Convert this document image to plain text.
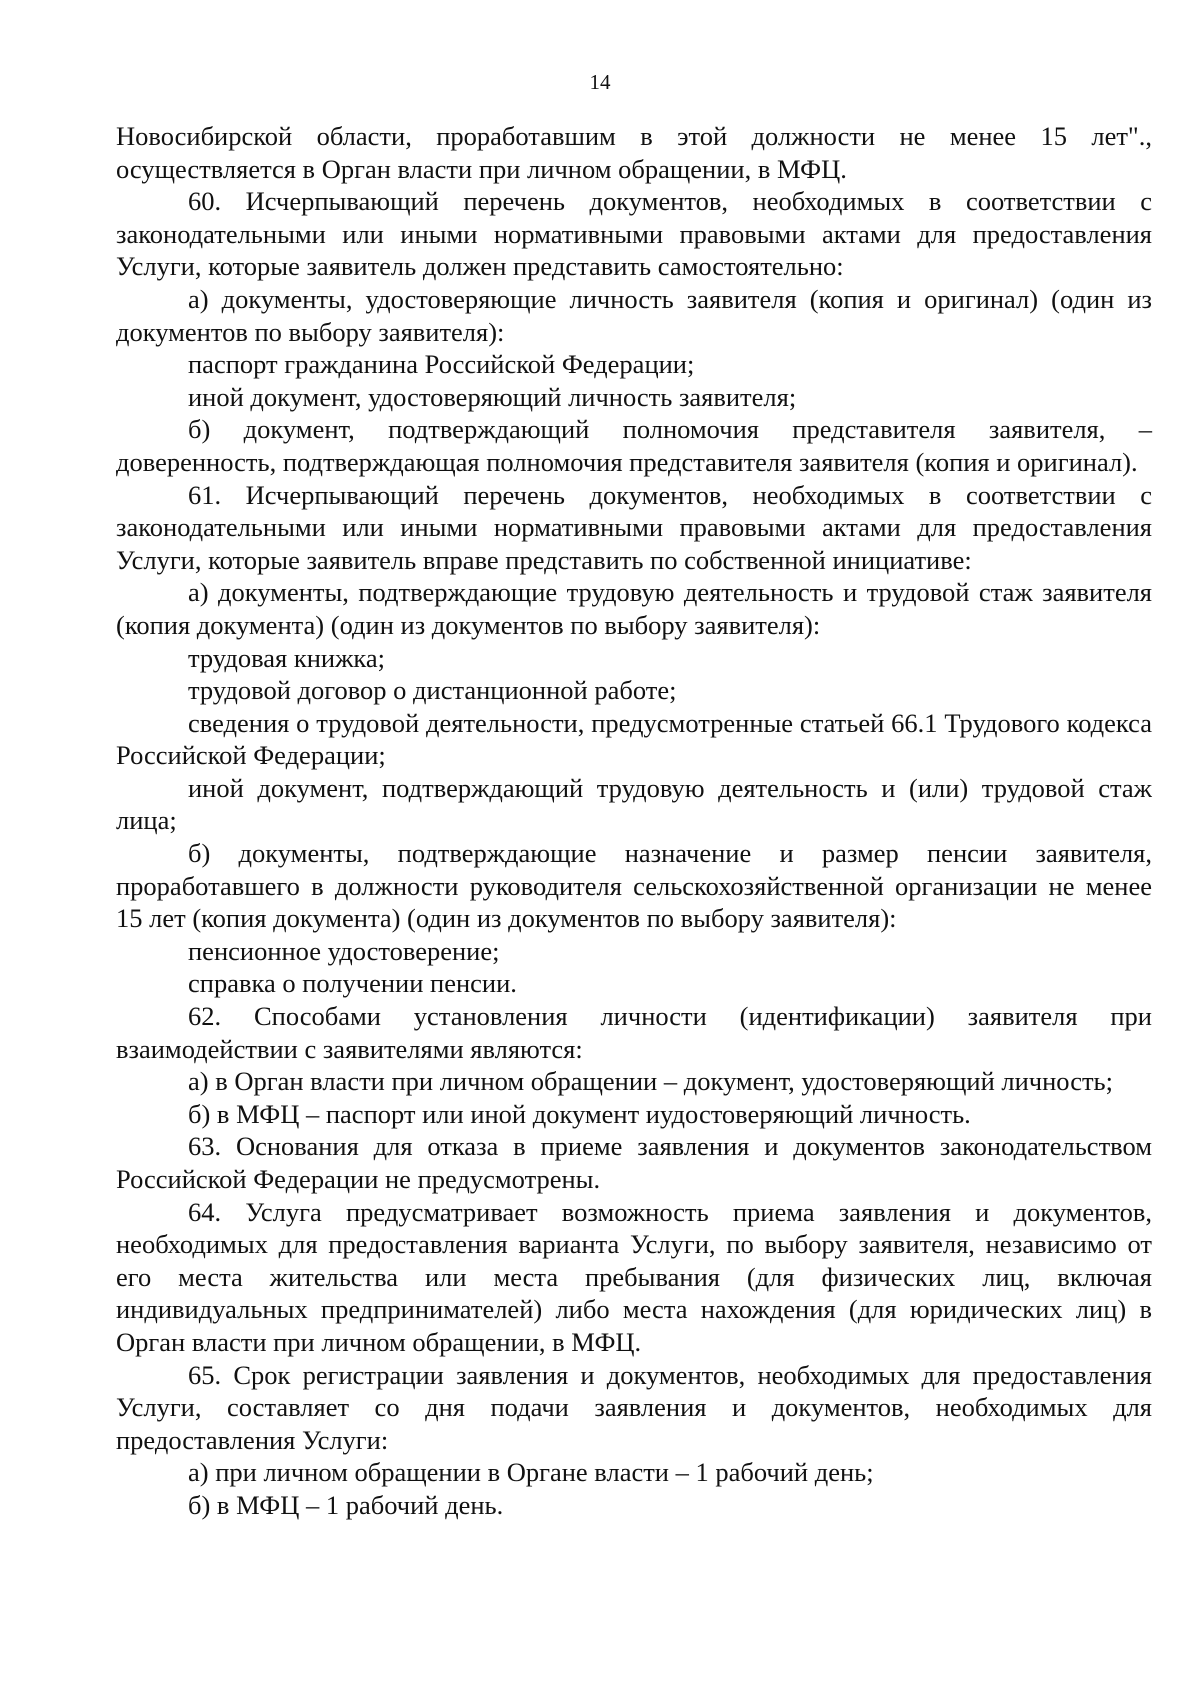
14

Новосибирской области, проработавшим в этой должности не менее 15 лет"., осуществляется в Орган власти при личном обращении, в МФЦ.

60. Исчерпывающий перечень документов, необходимых в соответствии с законодательными или иными нормативными правовыми актами для предоставления Услуги, которые заявитель должен представить самостоятельно:

а) документы, удостоверяющие личность заявителя (копия и оригинал) (один из документов по выбору заявителя):

паспорт гражданина Российской Федерации;

иной документ, удостоверяющий личность заявителя;

б) документ, подтверждающий полномочия представителя заявителя, – доверенность, подтверждающая полномочия представителя заявителя (копия и оригинал).

61. Исчерпывающий перечень документов, необходимых в соответствии с законодательными или иными нормативными правовыми актами для предоставления Услуги, которые заявитель вправе представить по собственной инициативе:

а) документы, подтверждающие трудовую деятельность и трудовой стаж заявителя (копия документа) (один из документов по выбору заявителя):

трудовая книжка;

трудовой договор о дистанционной работе;

сведения о трудовой деятельности, предусмотренные статьей 66.1 Трудового кодекса Российской Федерации;

иной документ, подтверждающий трудовую деятельность и (или) трудовой стаж лица;

б) документы, подтверждающие назначение и размер пенсии заявителя, проработавшего в должности руководителя сельскохозяйственной организации не менее 15 лет (копия документа) (один из документов по выбору заявителя):

пенсионное удостоверение;

справка о получении пенсии.

62. Способами установления личности (идентификации) заявителя при взаимодействии с заявителями являются:

а) в Орган власти при личном обращении – документ, удостоверяющий личность;

б) в МФЦ – паспорт или иной документ иудостоверяющий личность.

63. Основания для отказа в приеме заявления и документов законодательством Российской Федерации не предусмотрены.

64. Услуга предусматривает возможность приема заявления и документов, необходимых для предоставления варианта Услуги, по выбору заявителя, независимо от его места жительства или места пребывания (для физических лиц, включая индивидуальных предпринимателей) либо места нахождения (для юридических лиц) в Орган власти при личном обращении, в МФЦ.

65. Срок регистрации заявления и документов, необходимых для предоставления Услуги, составляет со дня подачи заявления и документов, необходимых для предоставления Услуги:

а) при личном обращении в Органе власти – 1 рабочий день;

б) в МФЦ – 1 рабочий день.
